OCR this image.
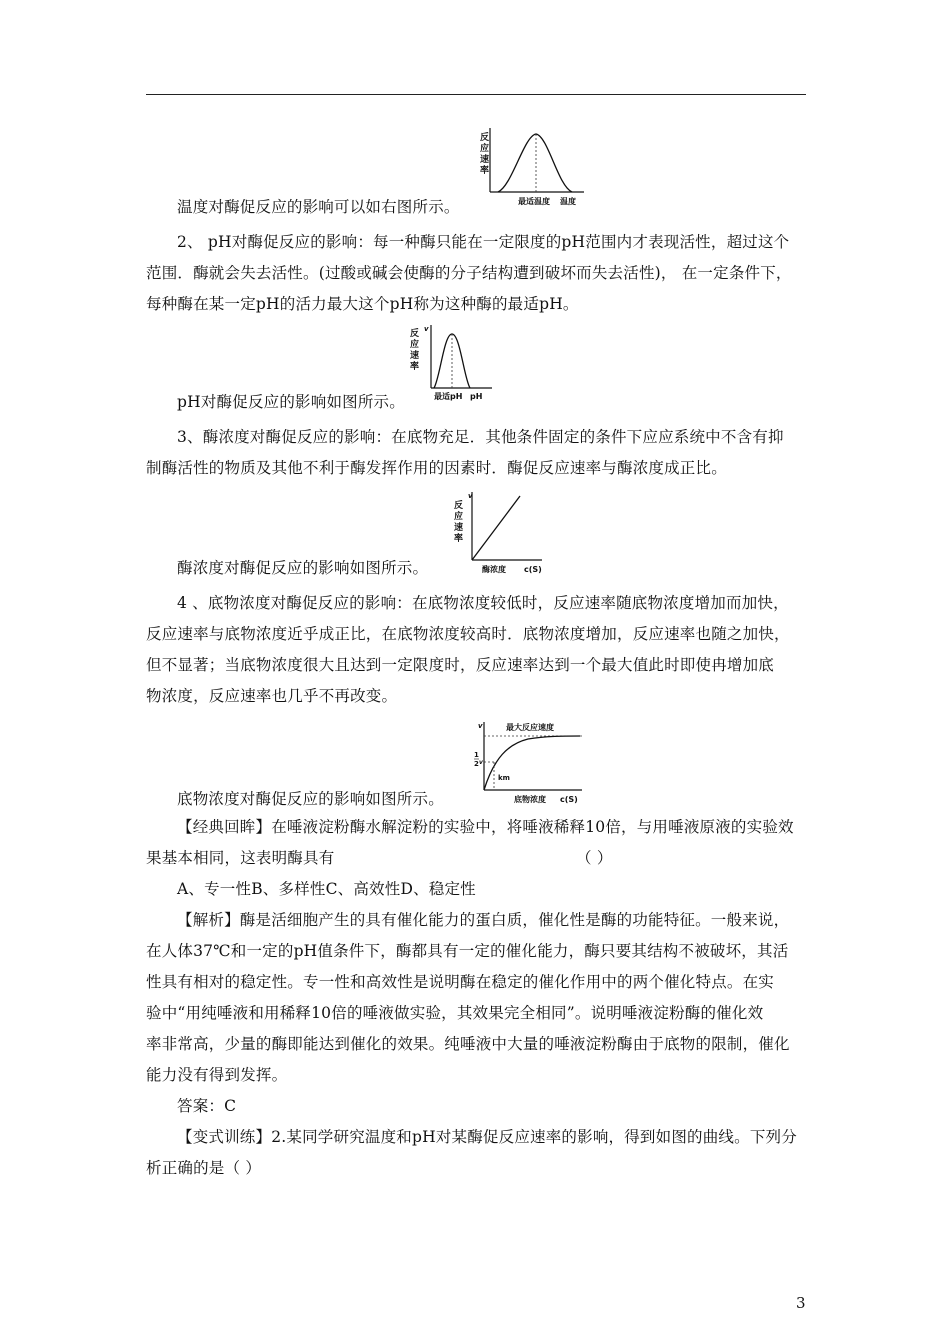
反
应
速
率
最适温度 温度
反
应
速
率
v
最适pH pH
反
应
速
率
v
酶浓度 c(S)
v	最大反应速度
1
2 v
km
底物浓度 c(S)
温度对酶促反应的影响可以如右图所示。
2、 pH对酶促反应的影响：每一种酶只能在一定限度的pH范围内才表现活性，超过这个
范围．酶就会失去活性。(过酸或碱会使酶的分子结构遭到破坏而失去活性)， 在一定条件下，
每种酶在某一定pH的活力最大这个pH称为这种酶的最适pH。
pH对酶促反应的影响如图所示。
3、酶浓度对酶促反应的影响：在底物充足．其他条件固定的条件下应应系统中不含有抑
制酶活性的物质及其他不利于酶发挥作用的因素时．酶促反应速率与酶浓度成正比。
酶浓度对酶促反应的影响如图所示。
4 、底物浓度对酶促反应的影响：在底物浓度较低时，反应速率随底物浓度增加而加快，
反应速率与底物浓度近乎成正比，在底物浓度较高时．底物浓度增加，反应速率也随之加快，
但不显著；当底物浓度很大且达到一定限度时，反应速率达到一个最大值此时即使冉增加底
物浓度，反应速率也几乎不再改变。
底物浓度对酶促反应的影响如图所示。
【经典回眸】在唾液淀粉酶水解淀粉的实验中，将唾液稀释10倍，与用唾液原液的实验效
果基本相同，这表明酶具有	（ ）
A、专一性B、多样性C、高效性D、稳定性
【解析】酶是活细胞产生的具有催化能力的蛋白质，催化性是酶的功能特征。一般来说，
在人体37℃和一定的pH值条件下，酶都具有一定的催化能力，酶只要其结构不被破坏，其活
性具有相对的稳定性。专一性和高效性是说明酶在稳定的催化作用中的两个催化特点。在实
验中“用纯唾液和用稀释10倍的唾液做实验，其效果完全相同”。说明唾液淀粉酶的催化效
率非常高，少量的酶即能达到催化的效果。纯唾液中大量的唾液淀粉酶由于底物的限制，催化
能力没有得到发挥。
答案：C
【变式训练】2.某同学研究温度和pH对某酶促反应速率的影响，得到如图的曲线。下列分
析正确的是（ ）
3
